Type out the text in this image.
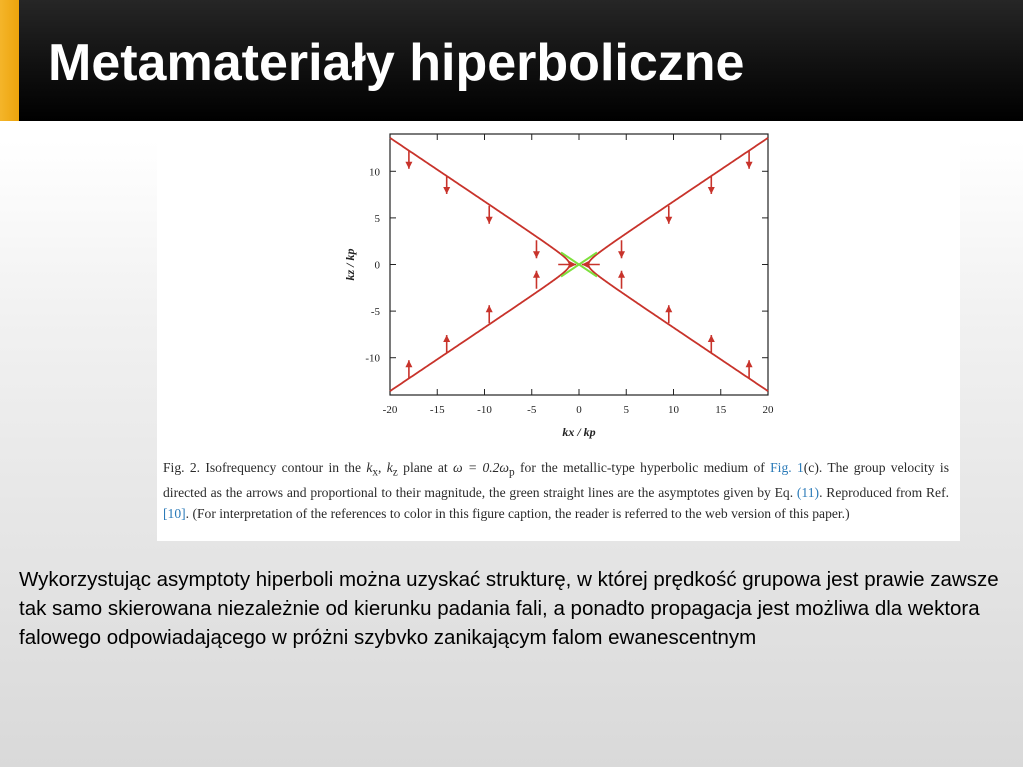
Metamateriały hiperboliczne
-20	-15	-10	-5	0	5	10	15	20
-10
-5
0
5
10
kx / kp
kz / kp
Fig. 2. Isofrequency contour in the $k_x$, $k_z$ plane at $\omega = 0.2\omega_p$ for the metallic-type hyperbolic medium of Fig. 1(c). The group velocity is directed as the arrows and proportional to their magnitude, the green straight lines are the asymptotes given by Eq. (11). Reproduced from Ref. [10]. (For interpretation of the references to color in this figure caption, the reader is referred to the web version of this paper.)

Wykorzystując asymptoty hiperboli można uzyskać strukturę, w której prędkość grupowa jest prawie zawsze tak samo skierowana niezależnie od kierunku padania fali, a ponadto propagacja jest możliwa dla wektora falowego odpowiadającego w próżni szybvko zanikającym falom ewanescentnym
